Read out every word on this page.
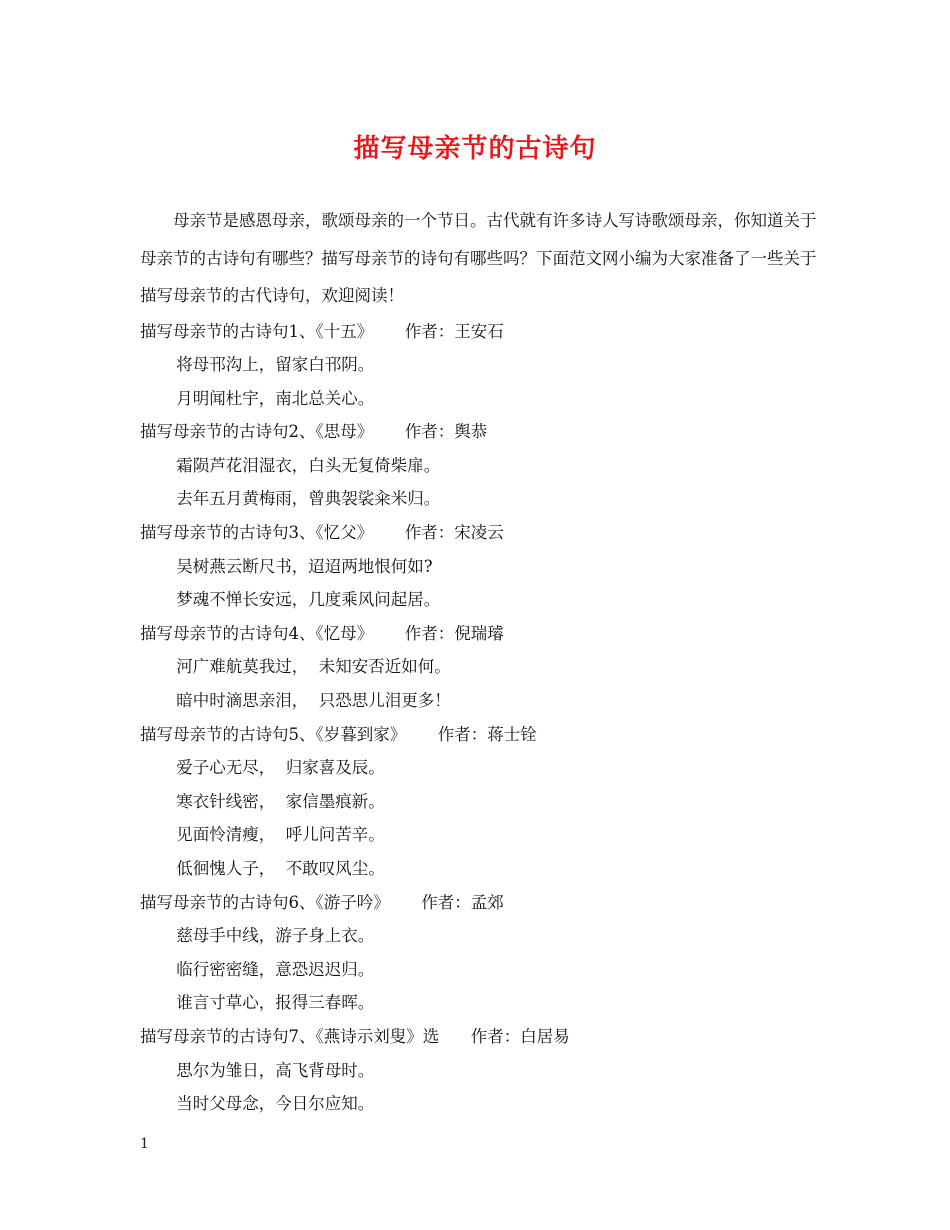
描写母亲节的古诗句
母亲节是感恩母亲，歌颂母亲的一个节日。古代就有许多诗人写诗歌颂母亲，你知道关于母亲节的古诗句有哪些？描写母亲节的诗句有哪些吗？下面范文网小编为大家准备了一些关于描写母亲节的古代诗句，欢迎阅读！
描写母亲节的古诗句1、《十五》      作者：王安石
将母邗沟上，留家白邗阴。
月明闻杜宇，南北总关心。
描写母亲节的古诗句2、《思母》      作者：舆恭
霜陨芦花泪湿衣，白头无复倚柴扉。
去年五月黄梅雨，曾典袈裟籴米归。
描写母亲节的古诗句3、《忆父》      作者：宋凌云
吴树燕云断尺书，迢迢两地恨何如?
梦魂不惮长安远，几度乘风问起居。
描写母亲节的古诗句4、《忆母》      作者：倪瑞璿
河广难航莫我过，  未知安否近如何。
暗中时滴思亲泪，  只恐思儿泪更多！
描写母亲节的古诗句5、《岁暮到家》      作者：蒋士铨
爱子心无尽，  归家喜及辰。
寒衣针线密，  家信墨痕新。
见面怜清瘦，  呼儿问苦辛。
低徊愧人子，  不敢叹风尘。
描写母亲节的古诗句6、《游子吟》      作者：孟郊
慈母手中线，游子身上衣。
临行密密缝，意恐迟迟归。
谁言寸草心，报得三春晖。
描写母亲节的古诗句7、《燕诗示刘叟》选      作者：白居易
思尔为雏日，高飞背母时。
当时父母念，今日尔应知。
1
